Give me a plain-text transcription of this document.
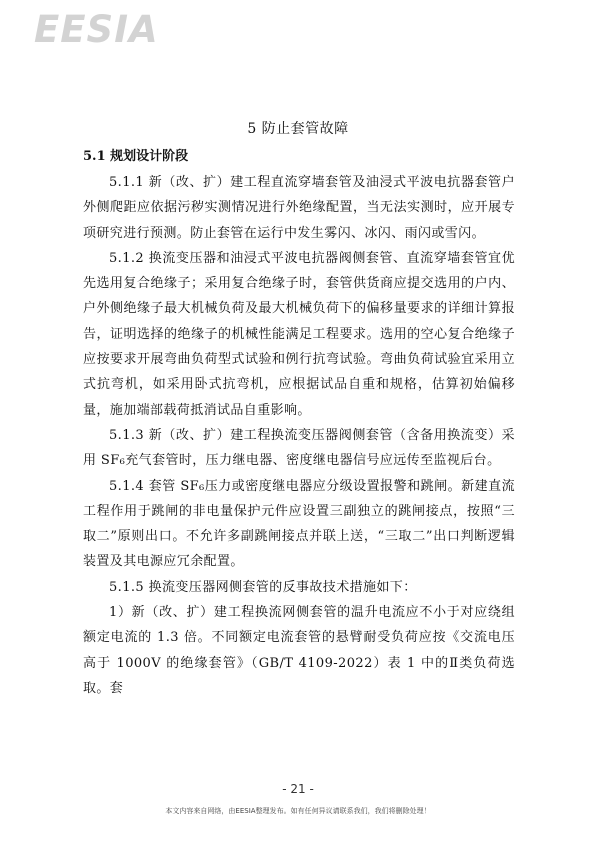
EESIA
5 防止套管故障
5.1 规划设计阶段

5.1.1 新（改、扩）建工程直流穿墙套管及油浸式平波电抗器套管户外侧爬距应依据污秽实测情况进行外绝缘配置，当无法实测时，应开展专项研究进行预测。防止套管在运行中发生雾闪、冰闪、雨闪或雪闪。

5.1.2 换流变压器和油浸式平波电抗器阀侧套管、直流穿墙套管宜优先选用复合绝缘子；采用复合绝缘子时，套管供货商应提交选用的户内、户外侧绝缘子最大机械负荷及最大机械负荷下的偏移量要求的详细计算报告，证明选择的绝缘子的机械性能满足工程要求。选用的空心复合绝缘子应按要求开展弯曲负荷型式试验和例行抗弯试验。弯曲负荷试验宜采用立式抗弯机，如采用卧式抗弯机，应根据试品自重和规格，估算初始偏移量，施加端部载荷抵消试品自重影响。

5.1.3 新（改、扩）建工程换流变压器阀侧套管（含备用换流变）采用 SF₆充气套管时，压力继电器、密度继电器信号应远传至监视后台。

5.1.4 套管 SF₆压力或密度继电器应分级设置报警和跳闸。新建直流工程作用于跳闸的非电量保护元件应设置三副独立的跳闸接点，按照“三取二”原则出口。不允许多副跳闸接点并联上送，“三取二”出口判断逻辑装置及其电源应冗余配置。

5.1.5 换流变压器网侧套管的反事故技术措施如下：

1）新（改、扩）建工程换流网侧套管的温升电流应不小于对应绕组额定电流的 1.3 倍。不同额定电流套管的悬臂耐受负荷应按《交流电压高于 1000V 的绝缘套管》（GB/T 4109-2022）表 1 中的Ⅱ类负荷选取。套

- 21 -
本文内容来自网络，由EESIA整理发布。如有任何异议请联系我们，我们将删除处理！
